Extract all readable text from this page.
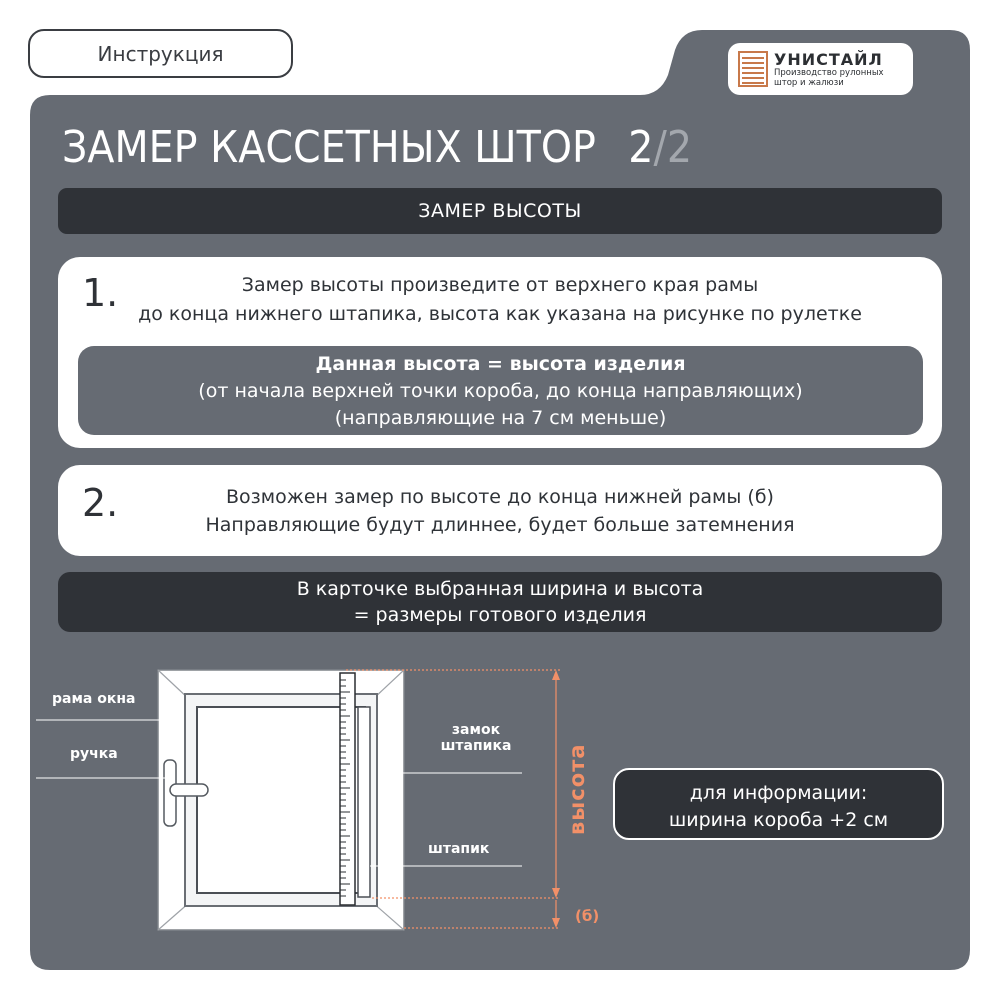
Инструкция	УНИСТАЙЛ
Производство рулонных
штор и жалюзи
ЗАМЕР КАССЕТНЫХ ШТОР 2/2
ЗАМЕР ВЫСОТЫ
1.	Замер высоты произведите от верхнего края рамы
до конца нижнего штапика, высота как указана на рисунке по рулетке
Данная высота = высота изделия
(от начала верхней точки короба, до конца направляющих)
(направляющие на 7 см меньше)
2.	Возможен замер по высоте до конца нижней рамы (б)
Направляющие будут длиннее, будет больше затемнения
В карточке выбранная ширина и высота
= размеры готового изделия
рама окна
ручка
замок
штапика
штапик
высота
(б)
для информации:
ширина короба +2 см
